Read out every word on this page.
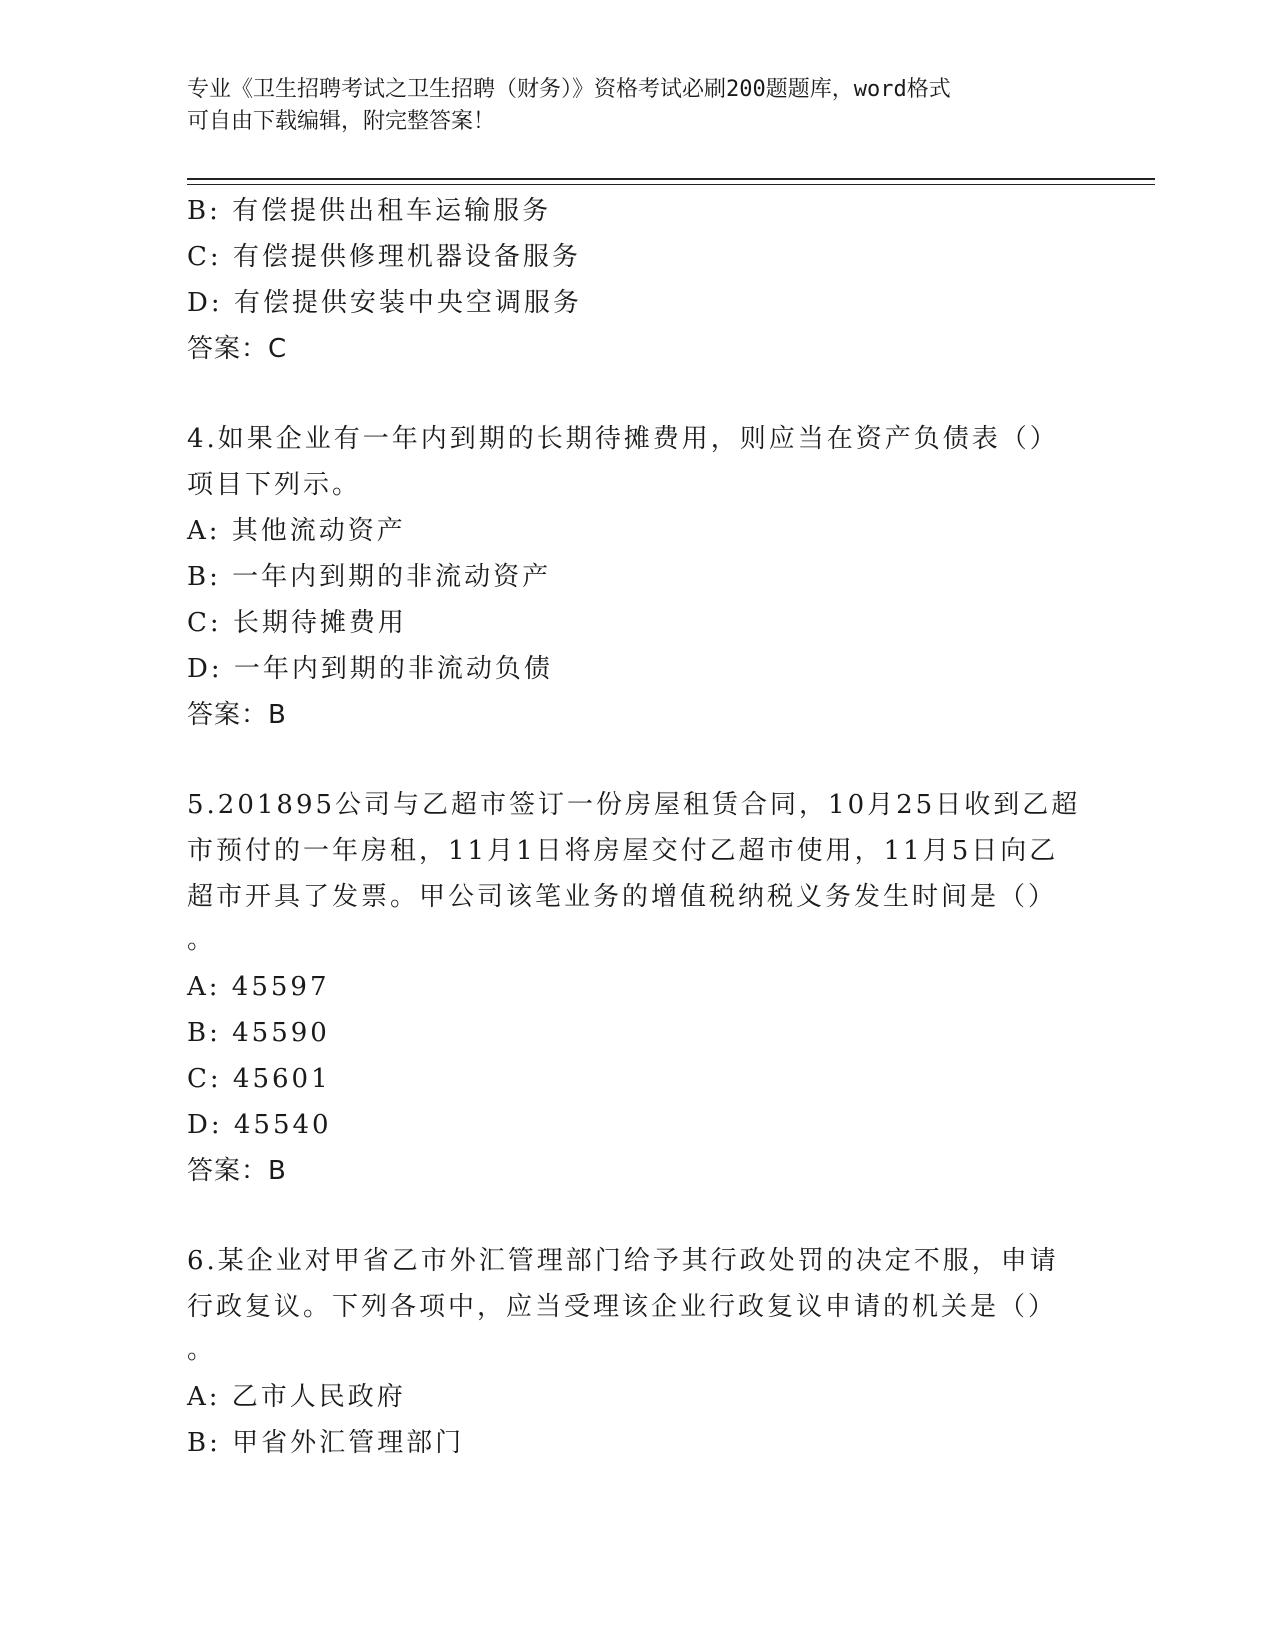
专业《卫生招聘考试之卫生招聘（财务）》资格考试必刷200题题库，word格式
可自由下载编辑，附完整答案！
B: 有偿提供出租车运输服务
C: 有偿提供修理机器设备服务
D: 有偿提供安装中央空调服务
答案：C
4.如果企业有一年内到期的长期待摊费用，则应当在资产负债表（）
项目下列示。
A: 其他流动资产
B: 一年内到期的非流动资产
C: 长期待摊费用
D: 一年内到期的非流动负债
答案：B
5.201895公司与乙超市签订一份房屋租赁合同，10月25日收到乙超
市预付的一年房租，11月1日将房屋交付乙超市使用，11月5日向乙
超市开具了发票。甲公司该笔业务的增值税纳税义务发生时间是（）
。
A: 45597
B: 45590
C: 45601
D: 45540
答案：B
6.某企业对甲省乙市外汇管理部门给予其行政处罚的决定不服，申请
行政复议。下列各项中，应当受理该企业行政复议申请的机关是（）
。
A: 乙市人民政府
B: 甲省外汇管理部门
